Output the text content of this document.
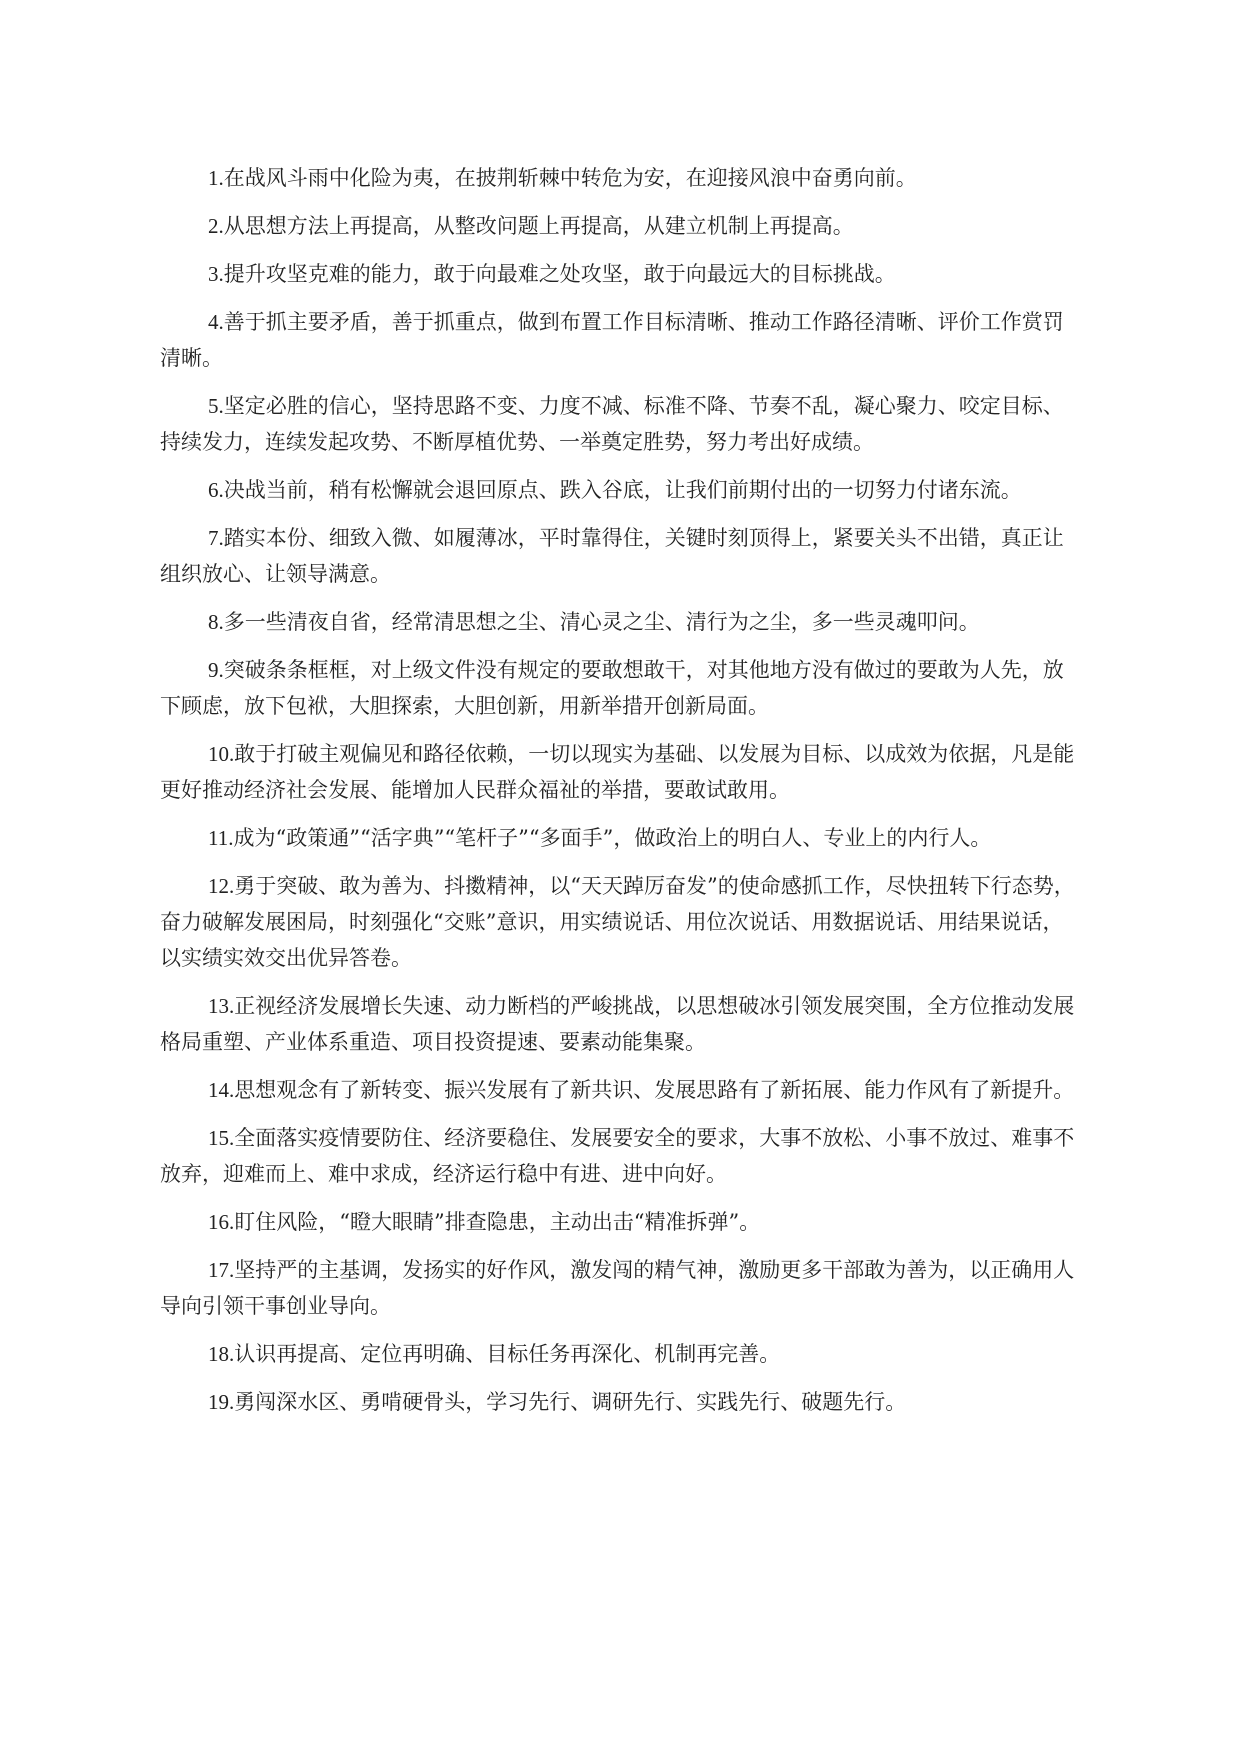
1.在战风斗雨中化险为夷，在披荆斩棘中转危为安，在迎接风浪中奋勇向前。

2.从思想方法上再提高，从整改问题上再提高，从建立机制上再提高。

3.提升攻坚克难的能力，敢于向最难之处攻坚，敢于向最远大的目标挑战。

4.善于抓主要矛盾，善于抓重点，做到布置工作目标清晰、推动工作路径清晰、评价工作赏罚清晰。

5.坚定必胜的信心，坚持思路不变、力度不减、标准不降、节奏不乱，凝心聚力、咬定目标、持续发力，连续发起攻势、不断厚植优势、一举奠定胜势，努力考出好成绩。

6.决战当前，稍有松懈就会退回原点、跌入谷底，让我们前期付出的一切努力付诸东流。

7.踏实本份、细致入微、如履薄冰，平时靠得住，关键时刻顶得上，紧要关头不出错，真正让组织放心、让领导满意。

8.多一些清夜自省，经常清思想之尘、清心灵之尘、清行为之尘，多一些灵魂叩问。

9.突破条条框框，对上级文件没有规定的要敢想敢干，对其他地方没有做过的要敢为人先，放下顾虑，放下包袱，大胆探索，大胆创新，用新举措开创新局面。

10.敢于打破主观偏见和路径依赖，一切以现实为基础、以发展为目标、以成效为依据，凡是能更好推动经济社会发展、能增加人民群众福祉的举措，要敢试敢用。

11.成为“政策通”“活字典”“笔杆子”“多面手”，做政治上的明白人、专业上的内行人。

12.勇于突破、敢为善为、抖擞精神，以“天天踔厉奋发”的使命感抓工作，尽快扭转下行态势，奋力破解发展困局，时刻强化“交账”意识，用实绩说话、用位次说话、用数据说话、用结果说话，以实绩实效交出优异答卷。

13.正视经济发展增长失速、动力断档的严峻挑战，以思想破冰引领发展突围，全方位推动发展格局重塑、产业体系重造、项目投资提速、要素动能集聚。

14.思想观念有了新转变、振兴发展有了新共识、发展思路有了新拓展、能力作风有了新提升。

15.全面落实疫情要防住、经济要稳住、发展要安全的要求，大事不放松、小事不放过、难事不放弃，迎难而上、难中求成，经济运行稳中有进、进中向好。

16.盯住风险，“瞪大眼睛”排查隐患，主动出击“精准拆弹”。

17.坚持严的主基调，发扬实的好作风，激发闯的精气神，激励更多干部敢为善为，以正确用人导向引领干事创业导向。

18.认识再提高、定位再明确、目标任务再深化、机制再完善。

19.勇闯深水区、勇啃硬骨头，学习先行、调研先行、实践先行、破题先行。
